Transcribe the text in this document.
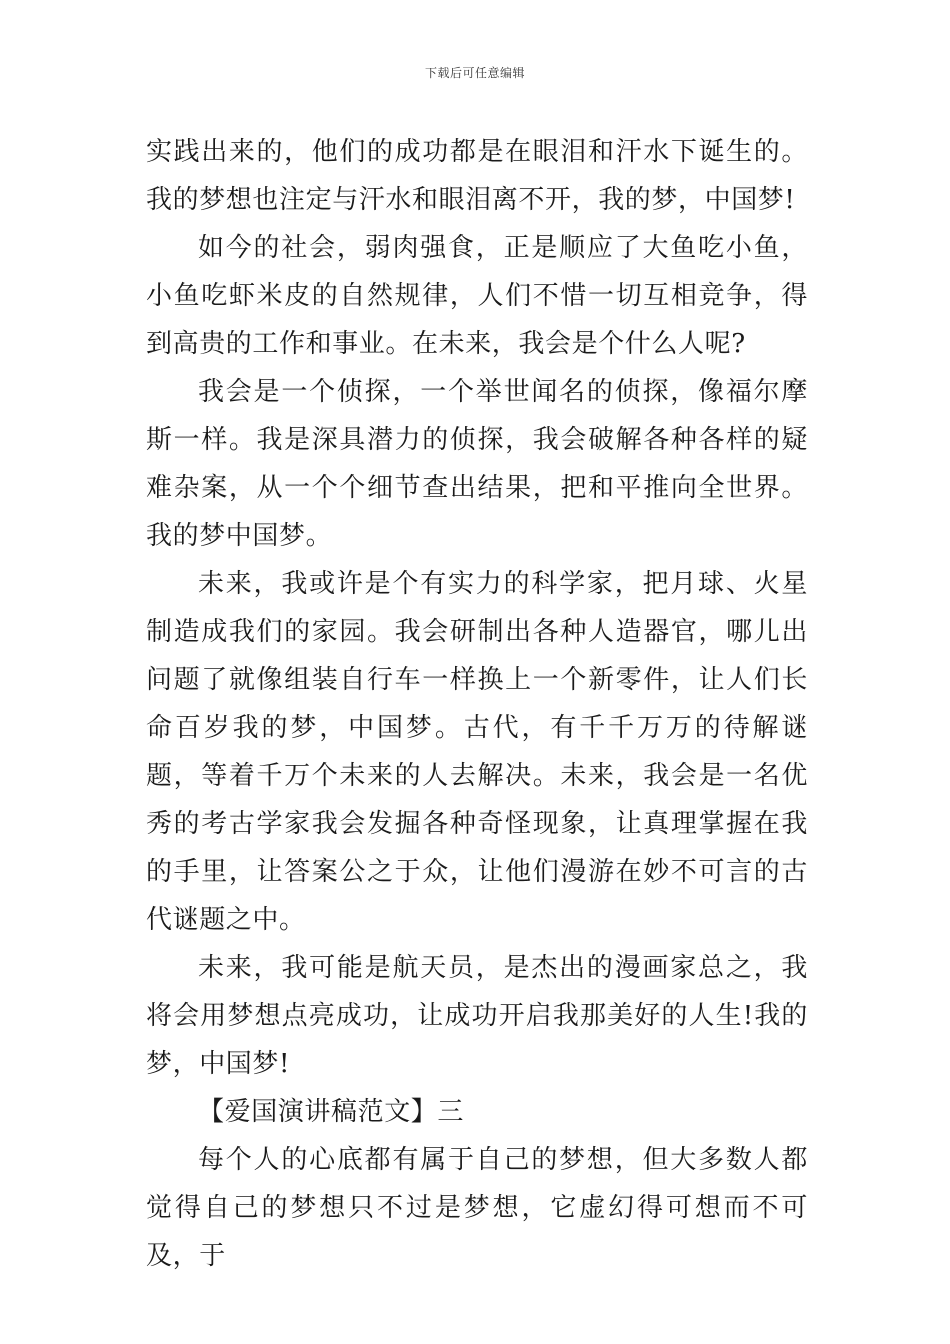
下载后可任意编辑

实践出来的，他们的成功都是在眼泪和汗水下诞生的。我的梦想也注定与汗水和眼泪离不开，我的梦，中国梦!

如今的社会，弱肉强食，正是顺应了大鱼吃小鱼，小鱼吃虾米皮的自然规律，人们不惜一切互相竞争，得到高贵的工作和事业。在未来，我会是个什么人呢?

我会是一个侦探，一个举世闻名的侦探，像福尔摩斯一样。我是深具潜力的侦探，我会破解各种各样的疑难杂案，从一个个细节查出结果，把和平推向全世界。我的梦中国梦。

未来，我或许是个有实力的科学家，把月球、火星制造成我们的家园。我会研制出各种人造器官，哪儿出问题了就像组装自行车一样换上一个新零件，让人们长命百岁我的梦，中国梦。古代，有千千万万的待解谜题，等着千万个未来的人去解决。未来，我会是一名优秀的考古学家我会发掘各种奇怪现象，让真理掌握在我的手里，让答案公之于众，让他们漫游在妙不可言的古代谜题之中。

未来，我可能是航天员，是杰出的漫画家总之，我将会用梦想点亮成功，让成功开启我那美好的人生!我的梦，中国梦!

【爱国演讲稿范文】三

每个人的心底都有属于自己的梦想，但大多数人都觉得自己的梦想只不过是梦想，它虚幻得可想而不可及，于
